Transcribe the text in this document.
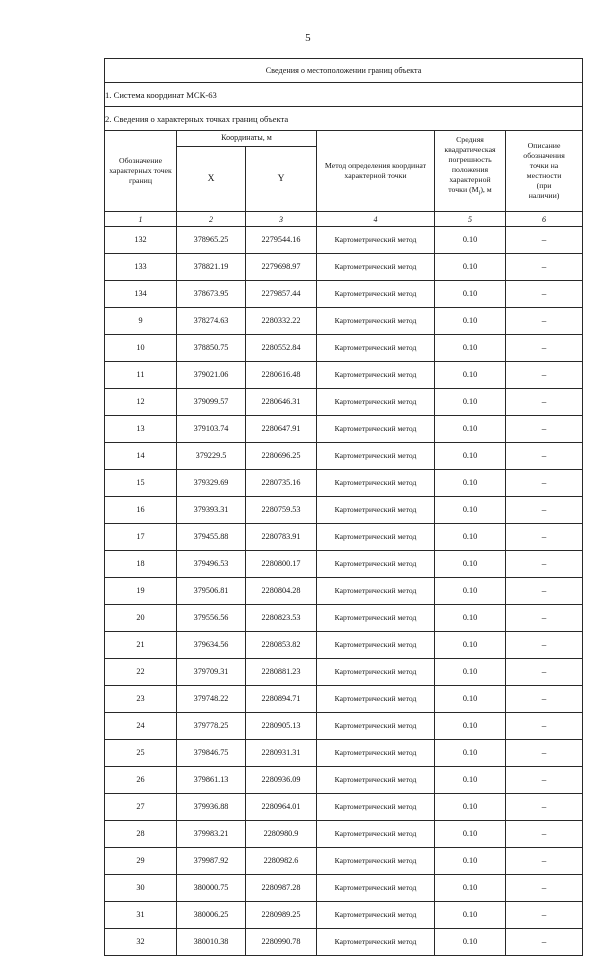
5
Сведения о местоположении границ объекта					
1. Система координат МСК-63					
2. Сведения о характерных точках границ объекта					
Обозначение характерных точек границ	Координаты, м	Метод определения координат характерной точки	Средняя
квадратическая
погрешность
положения
характерной
точки $(М_i)$, м	Описание
обозначения
точки на
местности
(при
наличии)
	X	Y			
1	2	3	4	5	6
132	378965.25	2279544.16	Картометрический метод	0.10	–
133	378821.19	2279698.97	Картометрический метод	0.10	–
134	378673.95	2279857.44	Картометрический метод	0.10	–
9	378274.63	2280332.22	Картометрический метод	0.10	–
10	378850.75	2280552.84	Картометрический метод	0.10	–
11	379021.06	2280616.48	Картометрический метод	0.10	–
12	379099.57	2280646.31	Картометрический метод	0.10	–
13	379103.74	2280647.91	Картометрический метод	0.10	–
14	379229.5	2280696.25	Картометрический метод	0.10	–
15	379329.69	2280735.16	Картометрический метод	0.10	–
16	379393.31	2280759.53	Картометрический метод	0.10	–
17	379455.88	2280783.91	Картометрический метод	0.10	–
18	379496.53	2280800.17	Картометрический метод	0.10	–
19	379506.81	2280804.28	Картометрический метод	0.10	–
20	379556.56	2280823.53	Картометрический метод	0.10	–
21	379634.56	2280853.82	Картометрический метод	0.10	–
22	379709.31	2280881.23	Картометрический метод	0.10	–
23	379748.22	2280894.71	Картометрический метод	0.10	–
24	379778.25	2280905.13	Картометрический метод	0.10	–
25	379846.75	2280931.31	Картометрический метод	0.10	–
26	379861.13	2280936.09	Картометрический метод	0.10	–
27	379936.88	2280964.01	Картометрический метод	0.10	–
28	379983.21	2280980.9	Картометрический метод	0.10	–
29	379987.92	2280982.6	Картометрический метод	0.10	–
30	380000.75	2280987.28	Картометрический метод	0.10	–
31	380006.25	2280989.25	Картометрический метод	0.10	–
32	380010.38	2280990.78	Картометрический метод	0.10	–
